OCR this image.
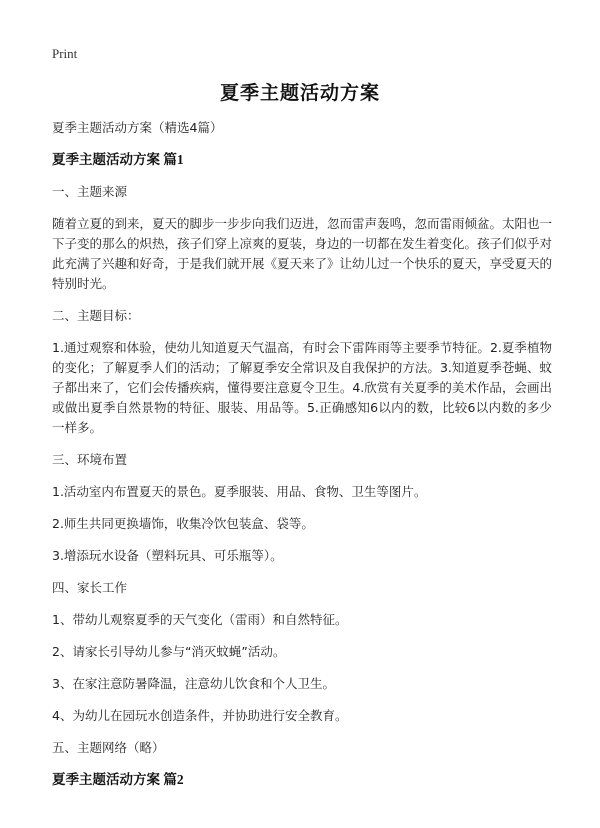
Print
夏季主题活动方案

夏季主题活动方案（精选4篇）

夏季主题活动方案 篇1

一、主题来源

随着立夏的到来，夏天的脚步一步步向我们迈进，忽而雷声轰鸣，忽而雷雨倾盆。太阳也一下子变的那么的炽热，孩子们穿上凉爽的夏装，身边的一切都在发生着变化。孩子们似乎对此充满了兴趣和好奇，于是我们就开展《夏天来了》让幼儿过一个快乐的夏天，享受夏天的特别时光。

二、主题目标：

1.通过观察和体验，使幼儿知道夏天气温高，有时会下雷阵雨等主要季节特征。2.夏季植物的变化；了解夏季人们的活动；了解夏季安全常识及自我保护的方法。3.知道夏季苍蝇、蚊子都出来了，它们会传播疾病，懂得要注意夏令卫生。4.欣赏有关夏季的美术作品，会画出或做出夏季自然景物的特征、服装、用品等。5.正确感知6以内的数，比较6以内数的多少一样多。

三、环境布置

1.活动室内布置夏天的景色。夏季服装、用品、食物、卫生等图片。

2.师生共同更换墙饰，收集冷饮包装盒、袋等。

3.增添玩水设备（塑料玩具、可乐瓶等）。

四、家长工作

1、带幼儿观察夏季的天气变化（雷雨）和自然特征。

2、请家长引导幼儿参与“消灭蚊蝇”活动。

3、在家注意防暑降温，注意幼儿饮食和个人卫生。

4、为幼儿在园玩水创造条件，并协助进行安全教育。

五、主题网络（略）

夏季主题活动方案 篇2
